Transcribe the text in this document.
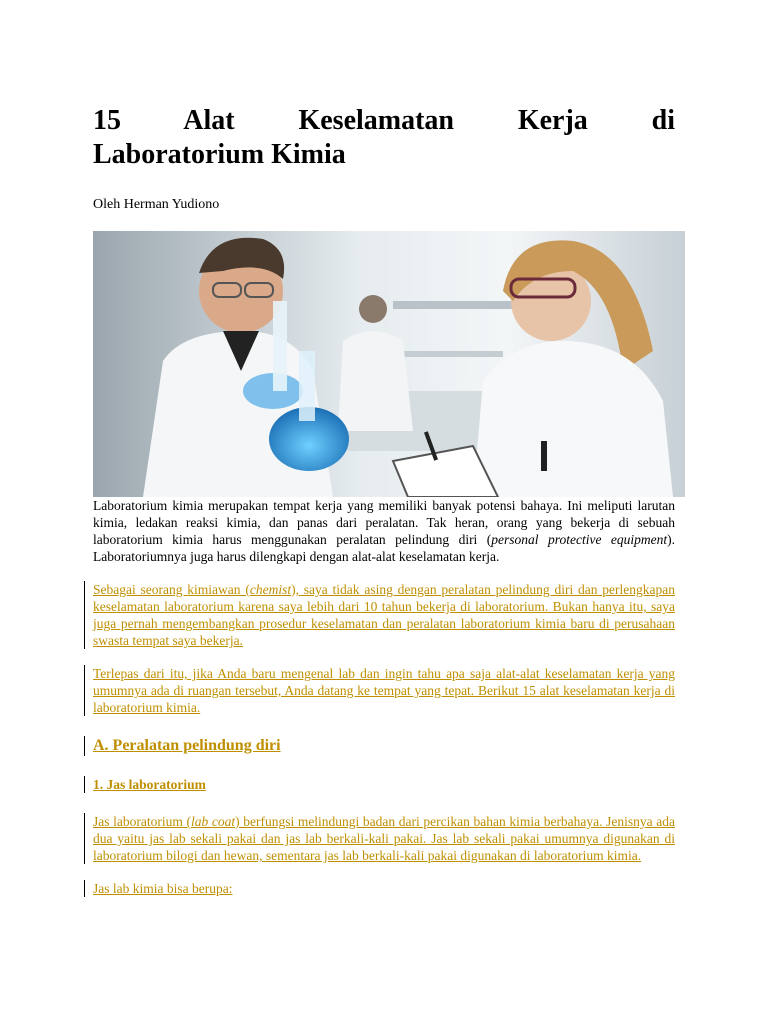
15 Alat Keselamatan Kerja di
Laboratorium Kimia
Oleh Herman Yudiono

Laboratorium kimia merupakan tempat kerja yang memiliki banyak potensi bahaya. Ini meliputi larutan kimia, ledakan reaksi kimia, dan panas dari peralatan. Tak heran, orang yang bekerja di sebuah laboratorium kimia harus menggunakan peralatan pelindung diri (personal protective equipment). Laboratoriumnya juga harus dilengkapi dengan alat-alat keselamatan kerja.

Sebagai seorang kimiawan (chemist), saya tidak asing dengan peralatan pelindung diri dan perlengkapan keselamatan laboratorium karena saya lebih dari 10 tahun bekerja di laboratorium. Bukan hanya itu, saya juga pernah mengembangkan prosedur keselamatan dan peralatan laboratorium kimia baru di perusahaan swasta tempat saya bekerja.

Terlepas dari itu, jika Anda baru mengenal lab dan ingin tahu apa saja alat-alat keselamatan kerja yang umumnya ada di ruangan tersebut, Anda datang ke tempat yang tepat. Berikut 15 alat keselamatan kerja di laboratorium kimia.

A. Peralatan pelindung diri
1. Jas laboratorium

Jas laboratorium (lab coat) berfungsi melindungi badan dari percikan bahan kimia berbahaya. Jenisnya ada dua yaitu jas lab sekali pakai dan jas lab berkali-kali pakai. Jas lab sekali pakai umumnya digunakan di laboratorium bilogi dan hewan, sementara jas lab berkali-kali pakai digunakan di laboratorium kimia.

Jas lab kimia bisa berupa:
